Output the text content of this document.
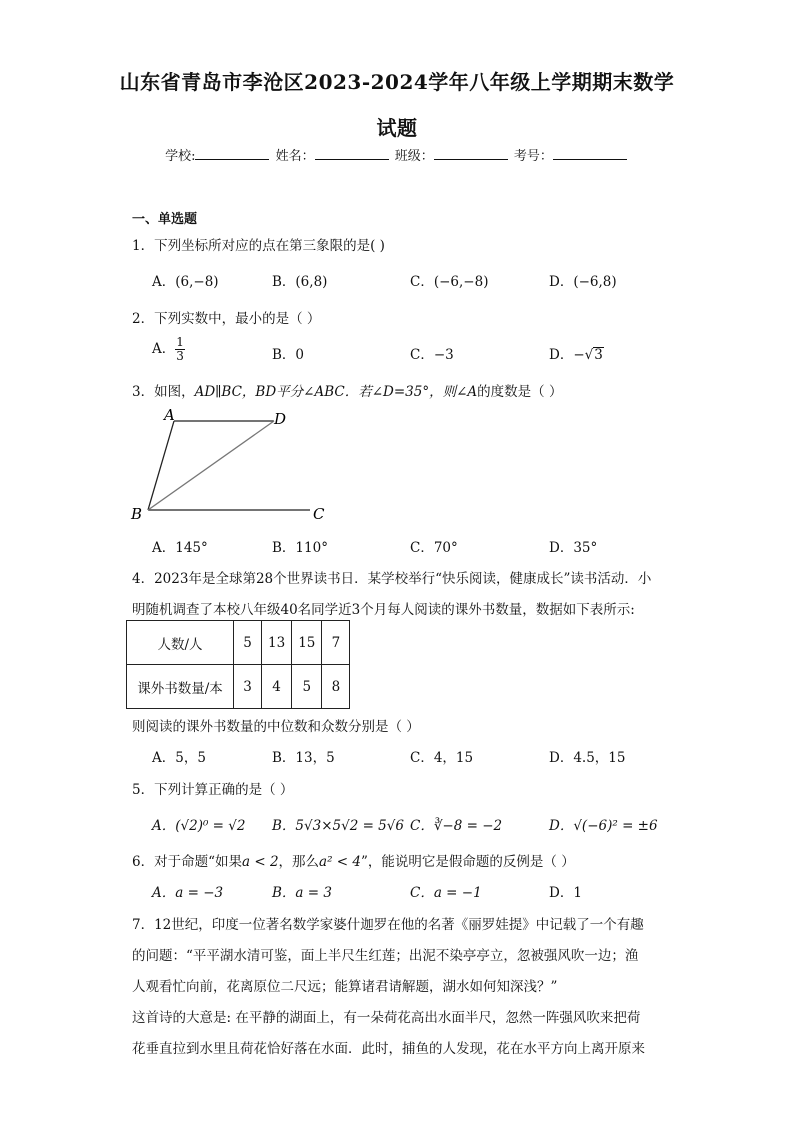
山东省青岛市李沧区2023-2024学年八年级上学期期末数学
试题
学校:	姓名：	班级：	考号：
一、单选题
1．下列坐标所对应的点在第三象限的是( )
A．(6,−8)	B．(6,8)	C．(−6,−8)	D．(−6,8)
2．下列实数中，最小的是（ ）
A． $\frac{1}{3}$	B．0	C．−3	D．−√3
3．如图，AD∥BC，BD平分∠ABC．若∠D=35°，则∠A的度数是（ ）
A	D
B	C
A．145°	B．110°	C．70°	D．35°
4．2023年是全球第28个世界读书日．某学校举行“快乐阅读，健康成长”读书活动．小
明随机调查了本校八年级40名同学近3个月每人阅读的课外书数量，数据如下表所示:
人数/人	5	13	15	7
课外书数量/本	3	4	5	8
则阅读的课外书数量的中位数和众数分别是（ ）
A．5，5	B．13，5	C．4，15	D．4.5，15
5．下列计算正确的是（ ）
A．(√2)⁰ = √2 B．5√3×5√2 = 5√6 C．∛−8 = −2	D．√(−6)² = ±6
6．对于命题“如果a < 2，那么a² < 4”，能说明它是假命题的反例是（ ）
A．a = −3	B．a = 3	C．a = −1	D．1
7．12世纪，印度一位著名数学家婆什迦罗在他的名著《丽罗娃提》中记载了一个有趣
的问题：“平平湖水清可鉴，面上半尺生红莲；出泥不染亭亭立，忽被强风吹一边；渔
人观看忙向前，花离原位二尺远；能算诸君请解题，湖水如何知深浅？”
这首诗的大意是: 在平静的湖面上，有一朵荷花高出水面半尺，忽然一阵强风吹来把荷
花垂直拉到水里且荷花恰好落在水面．此时，捕鱼的人发现，花在水平方向上离开原来
